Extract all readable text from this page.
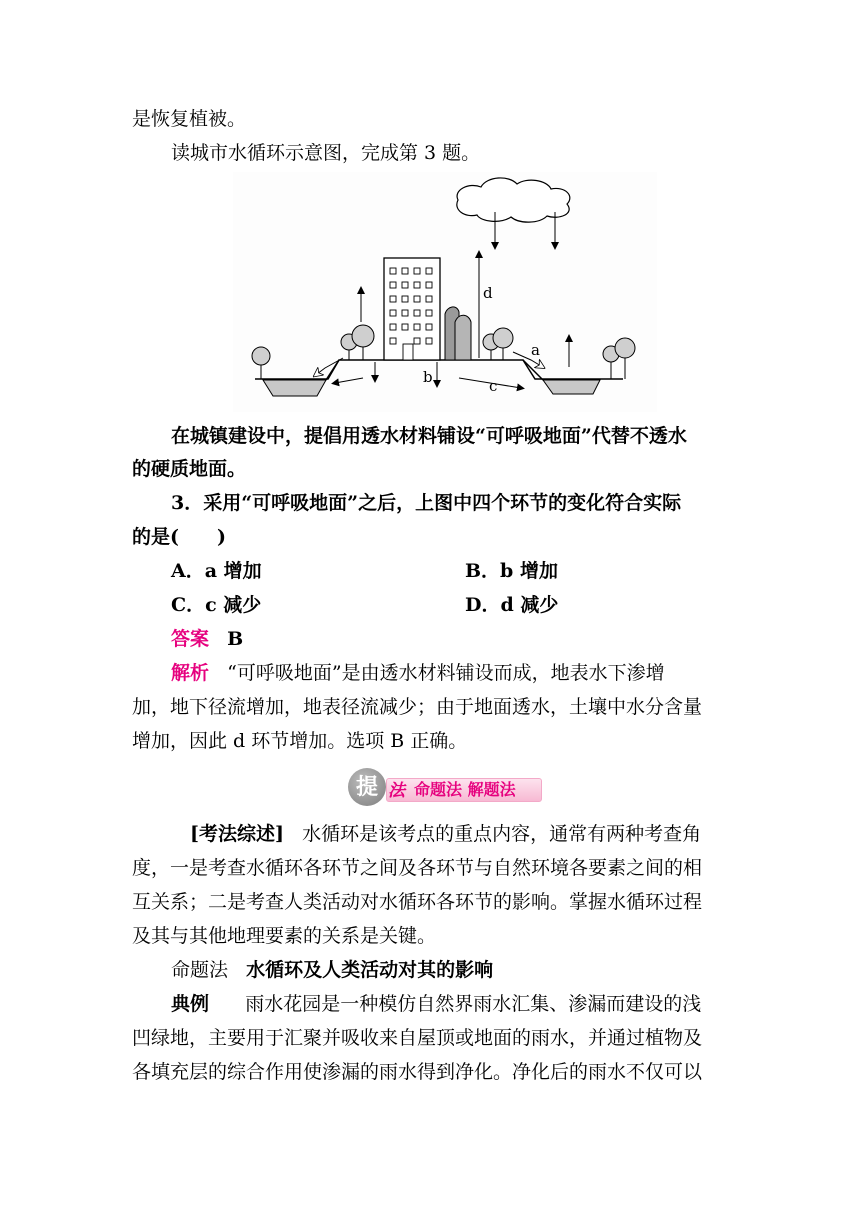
是恢复植被。
读城市水循环示意图，完成第 3 题。
d
a
b	c
在城镇建设中，提倡用透水材料铺设“可呼吸地面”代替不透水
的硬质地面。
3．采用“可呼吸地面”之后，上图中四个环节的变化符合实际
的是(　　)
A．a 增加	B．b 增加
C．c 减少	D．d 减少
答案 B
解析 “可呼吸地面”是由透水材料铺设而成，地表水下渗增
加，地下径流增加，地表径流减少；由于地面透水，土壤中水分含量
增加，因此 d 环节增加。选项 B 正确。
提 法 命题法 解题法
[考法综述] 水循环是该考点的重点内容，通常有两种考查角
度，一是考查水循环各环节之间及各环节与自然环境各要素之间的相
互关系；二是考查人类活动对水循环各环节的影响。掌握水循环过程
及其与其他地理要素的关系是关键。
命题法 水循环及人类活动对其的影响
典例 雨水花园是一种模仿自然界雨水汇集、渗漏而建设的浅
凹绿地，主要用于汇聚并吸收来自屋顶或地面的雨水，并通过植物及
各填充层的综合作用使渗漏的雨水得到净化。净化后的雨水不仅可以
